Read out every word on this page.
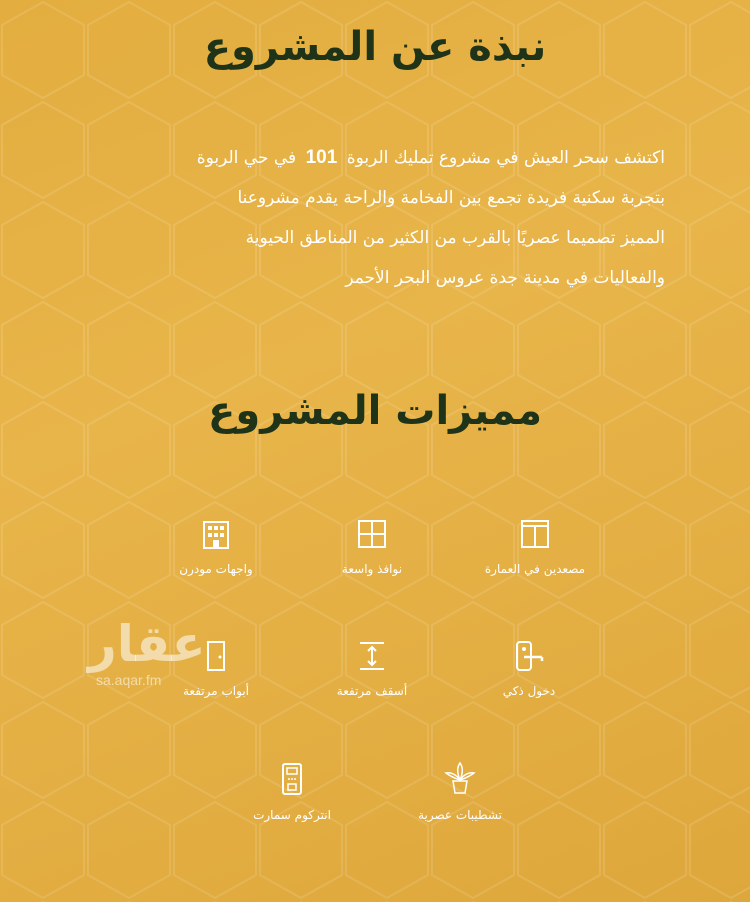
نبذة عن المشروع
اكتشف سحر العيش في مشروع تمليك الربوة 101 في حي الربوة
بتجربة سكنية فريدة تجمع بين الفخامة والراحة يقدم مشروعنا
المميز تصميما عصريًا بالقرب من الكثير من المناطق الحيوية
والفعاليات في مدينة جدة عروس البحر الأحمر
مميزات المشروع
مصعدين في العمارة
نوافذ واسعة
واجهات مودرن
دخول ذكي
أسقف مرتفعة
أبواب مرتفعة
تشطيبات عصرية
انتركوم سمارت
عقار
sa.aqar.fm
